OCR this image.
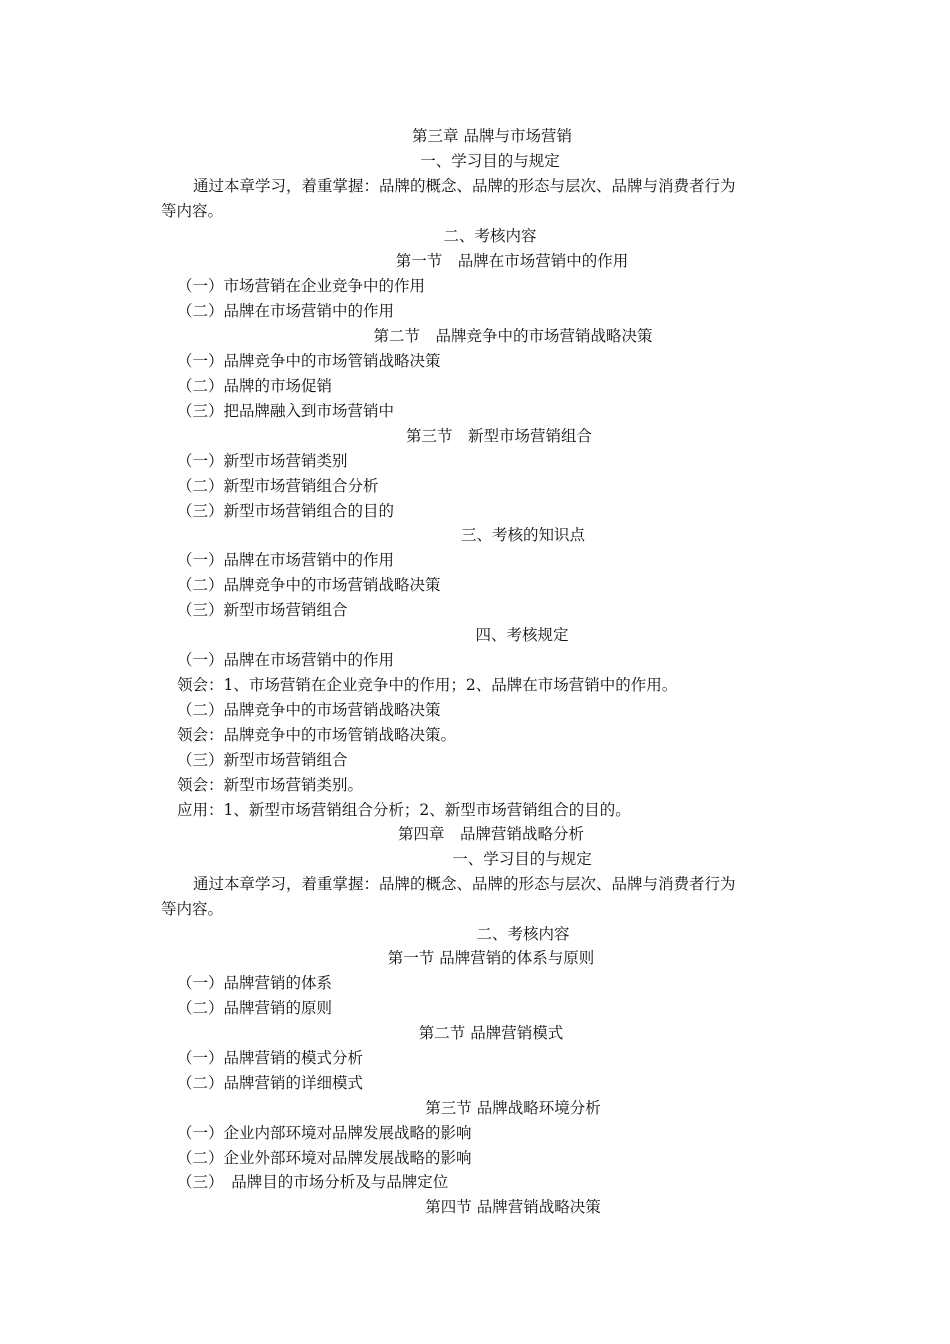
第三章 品牌与市场营销
一、学习目的与规定
通过本章学习，着重掌握：品牌的概念、品牌的形态与层次、品牌与消费者行为
等内容。
二、考核内容
第一节　品牌在市场营销中的作用
（一）市场营销在企业竞争中的作用
（二）品牌在市场营销中的作用
第二节　品牌竞争中的市场营销战略决策
（一）品牌竞争中的市场管销战略决策
（二）品牌的市场促销
（三）把品牌融入到市场营销中
第三节　新型市场营销组合
（一）新型市场营销类别
（二）新型市场营销组合分析
（三）新型市场营销组合的目的
三、考核的知识点
（一）品牌在市场营销中的作用
（二）品牌竞争中的市场营销战略决策
（三）新型市场营销组合
四、考核规定
（一）品牌在市场营销中的作用
领会：1、市场营销在企业竞争中的作用；2、品牌在市场营销中的作用。
（二）品牌竞争中的市场营销战略决策
领会：品牌竞争中的市场管销战略决策。
（三）新型市场营销组合
领会：新型市场营销类别。
应用：1、新型市场营销组合分析；2、新型市场营销组合的目的。
第四章　品牌营销战略分析
一、学习目的与规定
通过本章学习，着重掌握：品牌的概念、品牌的形态与层次、品牌与消费者行为
等内容。
二、考核内容
第一节 品牌营销的体系与原则
（一）品牌营销的体系
（二）品牌营销的原则
第二节 品牌营销模式
（一）品牌营销的模式分析
（二）品牌营销的详细模式
第三节 品牌战略环境分析
（一）企业内部环境对品牌发展战略的影响
（二）企业外部环境对品牌发展战略的影响
（三）　品牌目的市场分析及与品牌定位
第四节 品牌营销战略决策
